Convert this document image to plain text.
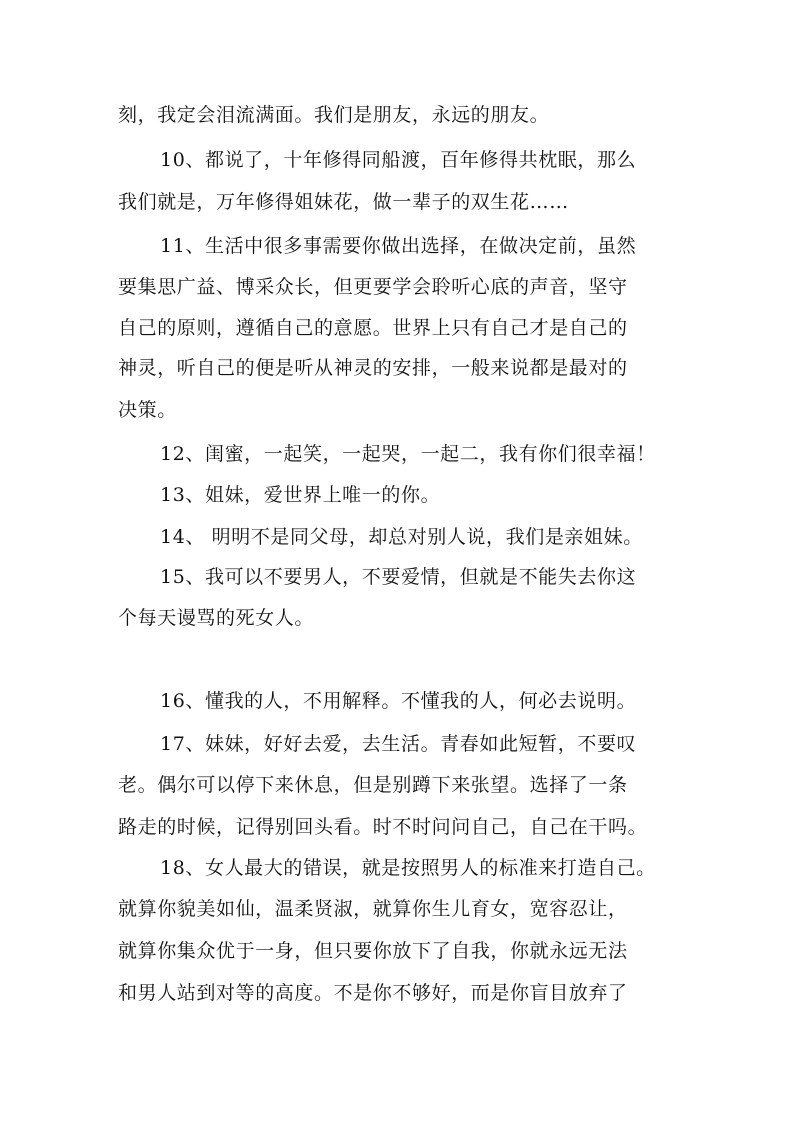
刻，我定会泪流满面。我们是朋友，永远的朋友。
10、都说了，十年修得同船渡，百年修得共枕眠，那么
我们就是，万年修得姐妹花，做一辈子的双生花……
11、生活中很多事需要你做出选择，在做决定前，虽然
要集思广益、博采众长，但更要学会聆听心底的声音，坚守
自己的原则，遵循自己的意愿。世界上只有自己才是自己的
神灵，听自己的便是听从神灵的安排，一般来说都是最对的
决策。
12、闺蜜，一起笑，一起哭，一起二，我有你们很幸福！
13、姐妹，爱世界上唯一的你。
14、 明明不是同父母，却总对别人说，我们是亲姐妹。
15、我可以不要男人，不要爱情，但就是不能失去你这
个每天谩骂的死女人。
16、懂我的人，不用解释。不懂我的人，何必去说明。
17、妹妹，好好去爱，去生活。青春如此短暂，不要叹
老。偶尔可以停下来休息，但是别蹲下来张望。选择了一条
路走的时候，记得别回头看。时不时问问自己，自己在干吗。
18、女人最大的错误，就是按照男人的标准来打造自己。
就算你貌美如仙，温柔贤淑，就算你生儿育女，宽容忍让，
就算你集众优于一身，但只要你放下了自我，你就永远无法
和男人站到对等的高度。不是你不够好，而是你盲目放弃了
